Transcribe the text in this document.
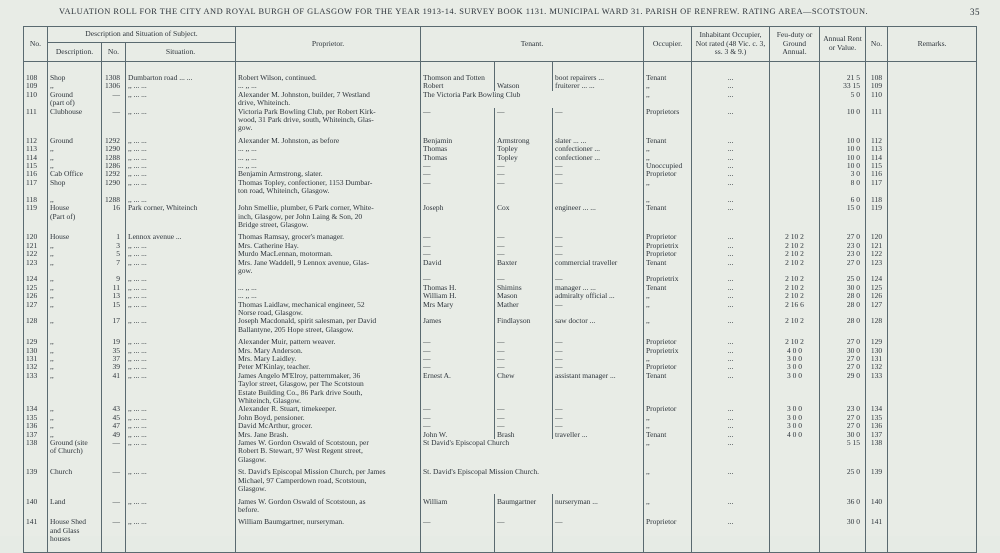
VALUATION ROLL FOR THE CITY AND ROYAL BURGH OF GLASGOW FOR THE YEAR 1913-14. SURVEY BOOK 1131. MUNICIPAL WARD 31. PARISH OF RENFREW. RATING AREA—SCOTSTOUN.	35
No.	Description and Situation of Subject.			Proprietor.	Tenant.			Occupier.	Inhabitant Occupier, Not rated (48 Vic. c. 3, ss. 3 & 9.)	Feu-duty or Ground Annual.	Annual Rent or Value.	No.	Remarks.
	Description.	No.	Situation.										
108	Shop	1308	Dumbarton road ... ...	Robert Wilson, continued.	Thomson and Totten		boot repairers ...	Tenant	...		21 5	108	
109	,,	1306	,, ... ...	... ,, ...	Robert	Watson	fruiterer ... ...	,,	...		33 15	109	
110	Ground
(part of)	—	,, ... ...	Alexander M. Johnston, builder, 7 Westland
drive, Whiteinch.	The Victoria Park Bowling Club			,,	...		5 0	110	
111	Clubhouse	—	,, ... ...	Victoria Park Bowling Club, per Robert Kirk-
wood, 31 Park drive, south, Whiteinch, Glas-
gow.	—	—	—	Proprietors	...		10 0	111	
112	Ground	1292	,, ... ...	Alexander M. Johnston, as before	Benjamin	Armstrong	slater ... ...	Tenant	...		10 0	112	
113	,,	1290	,, ... ...	... ,, ...	Thomas	Topley	confectioner ...	,,	...		10 0	113	
114	,,	1288	,, ... ...	... ,, ...	Thomas	Topley	confectioner ...	,,	...		10 0	114	
115	,,	1286	,, ... ...	... ,, ...	—	—	—	Unoccupied	...		10 0	115	
116	Cab Office	1292	,, ... ...	Benjamin Armstrong, slater.	—	—	—	Proprietor	...		3 0	116	
117	Shop	1290	,, ... ...	Thomas Topley, confectioner, 1153 Dumbar-
ton road, Whiteinch, Glasgow.	—	—	—	,,	...		8 0	117	
118	,,	1288	,, ... ...					,,	...		6 0	118	
119	House
(Part of)	16	Park corner, Whiteinch	John Smellie, plumber, 6 Park corner, White-
inch, Glasgow, per John Laing & Son, 20
Bridge street, Glasgow.	Joseph	Cox	engineer ... ...	Tenant	...		15 0	119	
120	House	1	Lennox avenue ...	Thomas Ramsay, grocer's manager.	—	—	—	Proprietor	...	2 10 2	27 0	120	
121	,,	3	,, ... ...	Mrs. Catherine Hay.	—	—	—	Proprietrix	...	2 10 2	23 0	121	
122	,,	5	,, ... ...	Murdo MacLennan, motorman.	—	—	—	Proprietor	...	2 10 2	23 0	122	
123	,,	7	,, ... ...	Mrs. Jane Waddell, 9 Lennox avenue, Glas-
gow.	David	Baxter	commercial traveller	Tenant	...	2 10 2	27 0	123	
124	,,	9	,, ... ...		—	—	—	Proprietrix	...	2 10 2	25 0	124	
125	,,	11	,, ... ...	... ,, ...	Thomas H.	Shimins	manager ... ...	Tenant	...	2 10 2	30 0	125	
126	,,	13	,, ... ...	... ,, ...	William H.	Mason	admiralty official ...	,,	...	2 10 2	28 0	126	
127	,,	15	,, ... ...	Thomas Laidlaw, mechanical engineer, 52
Norse road, Glasgow.	Mrs Mary	Mather	—	,,	...	2 16 6	28 0	127	
128	,,	17	,, ... ...	Joseph Macdonald, spirit salesman, per David
Ballantyne, 205 Hope street, Glasgow.	James	Findlayson	saw doctor ...	,,	...	2 10 2	28 0	128	
129	,,	19	,, ... ...	Alexander Muir, pattern weaver.	—	—	—	Proprietor	...	2 10 2	27 0	129	
130	,,	35	,, ... ...	Mrs. Mary Anderson.	—	—	—	Proprietrix	...	4 0 0	30 0	130	
131	,,	37	,, ... ...	Mrs. Mary Laidley.	—	—	—	,,	...	3 0 0	27 0	131	
132	,,	39	,, ... ...	Peter M'Kinlay, teacher.	—	—	—	Proprietor	...	3 0 0	27 0	132	
133	,,	41	,, ... ...	James Angelo M'Elroy, patternmaker, 36
Taylor street, Glasgow, per The Scotstoun
Estate Building Co., 86 Park drive South,
Whiteinch, Glasgow.	Ernest A.	Chew	assistant manager ...	Tenant	...	3 0 0	29 0	133	
134	,,	43	,, ... ...	Alexander R. Stuart, timekeeper.	—	—	—	Proprietor	...	3 0 0	23 0	134	
135	,,	45	,, ... ...	John Boyd, pensioner.	—	—	—	,,	...	3 0 0	27 0	135	
136	,,	47	,, ... ...	David McArthur, grocer.	—	—	—	,,	...	3 0 0	27 0	136	
137	,,	49	,, ... ...	Mrs. Jane Brash.	John W.	Brash	traveller ...	Tenant	...	4 0 0	30 0	137	
138	Ground (site
of Church)	—	,, ... ...	James W. Gordon Oswald of Scotstoun, per
Robert B. Stewart, 97 West Regent street,
Glasgow.	St David's Episcopal Church			,,	...		5 15	138	
139	Church	—	,, ... ...	St. David's Episcopal Mission Church, per James
Michael, 97 Camperdown road, Scotstoun,
Glasgow.	St. David's Episcopal Mission Church.			,,	...		25 0	139	
140	Land	—	,, ... ...	James W. Gordon Oswald of Scotstoun, as
before.	William	Baumgartner	nurseryman ...	,,	...		36 0	140	
141	House Shed
and Glass
houses	—	,, ... ...	William Baumgartner, nurseryman.	—	—	—	Proprietor	...		30 0	141	
